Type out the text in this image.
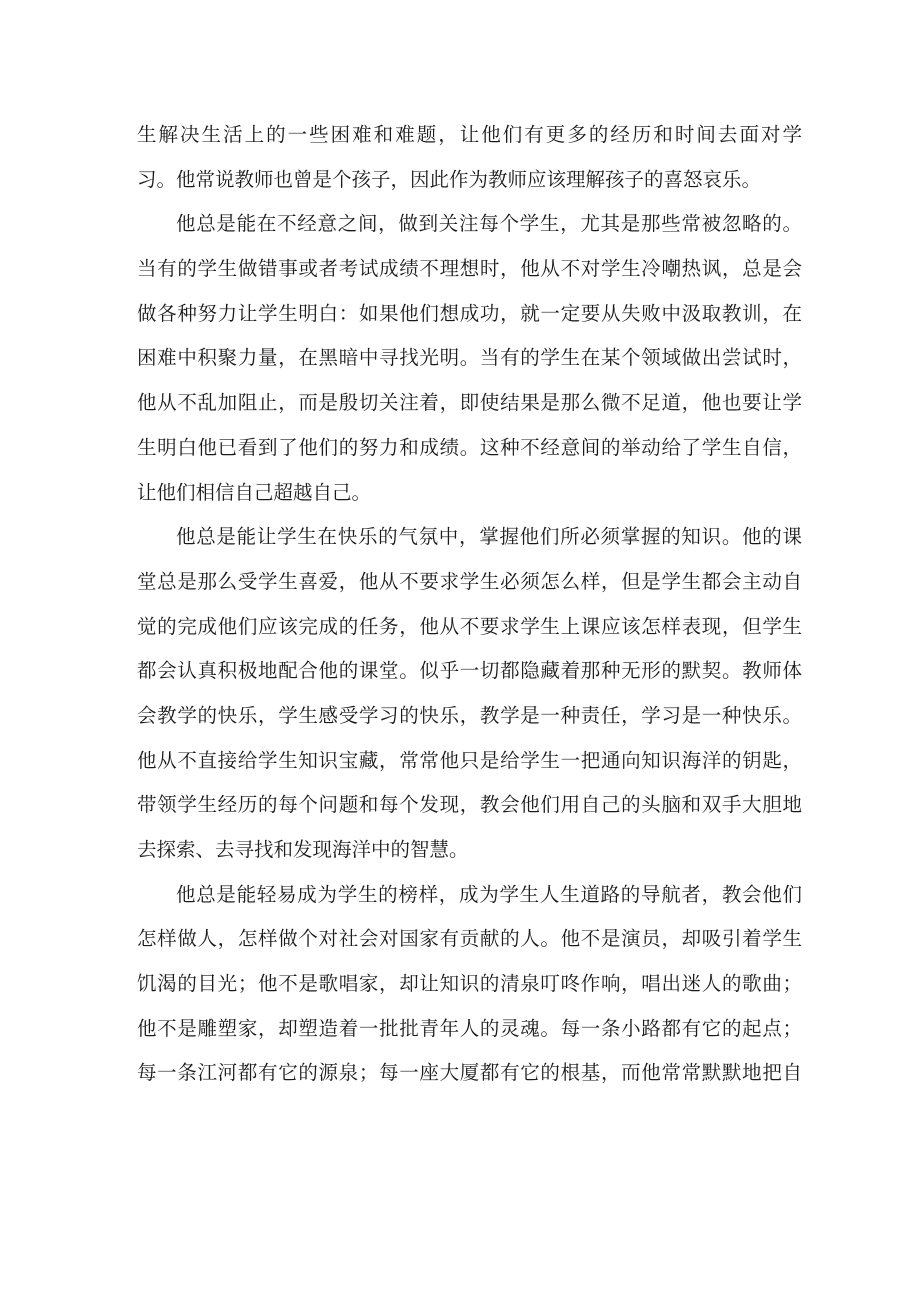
生解决生活上的一些困难和难题，让他们有更多的经历和时间去面对学
习。他常说教师也曾是个孩子，因此作为教师应该理解孩子的喜怒哀乐。
他总是能在不经意之间，做到关注每个学生，尤其是那些常被忽略的。
当有的学生做错事或者考试成绩不理想时，他从不对学生冷嘲热讽，总是会
做各种努力让学生明白：如果他们想成功，就一定要从失败中汲取教训，在
困难中积聚力量，在黑暗中寻找光明。当有的学生在某个领域做出尝试时，
他从不乱加阻止，而是殷切关注着，即使结果是那么微不足道，他也要让学
生明白他已看到了他们的努力和成绩。这种不经意间的举动给了学生自信，
让他们相信自己超越自己。
他总是能让学生在快乐的气氛中，掌握他们所必须掌握的知识。他的课
堂总是那么受学生喜爱，他从不要求学生必须怎么样，但是学生都会主动自
觉的完成他们应该完成的任务，他从不要求学生上课应该怎样表现，但学生
都会认真积极地配合他的课堂。似乎一切都隐藏着那种无形的默契。教师体
会教学的快乐，学生感受学习的快乐，教学是一种责任，学习是一种快乐。
他从不直接给学生知识宝藏，常常他只是给学生一把通向知识海洋的钥匙，
带领学生经历的每个问题和每个发现，教会他们用自己的头脑和双手大胆地
去探索、去寻找和发现海洋中的智慧。
他总是能轻易成为学生的榜样，成为学生人生道路的导航者，教会他们
怎样做人，怎样做个对社会对国家有贡献的人。他不是演员，却吸引着学生
饥渴的目光；他不是歌唱家，却让知识的清泉叮咚作响，唱出迷人的歌曲；
他不是雕塑家，却塑造着一批批青年人的灵魂。每一条小路都有它的起点；
每一条江河都有它的源泉；每一座大厦都有它的根基，而他常常默默地把自
